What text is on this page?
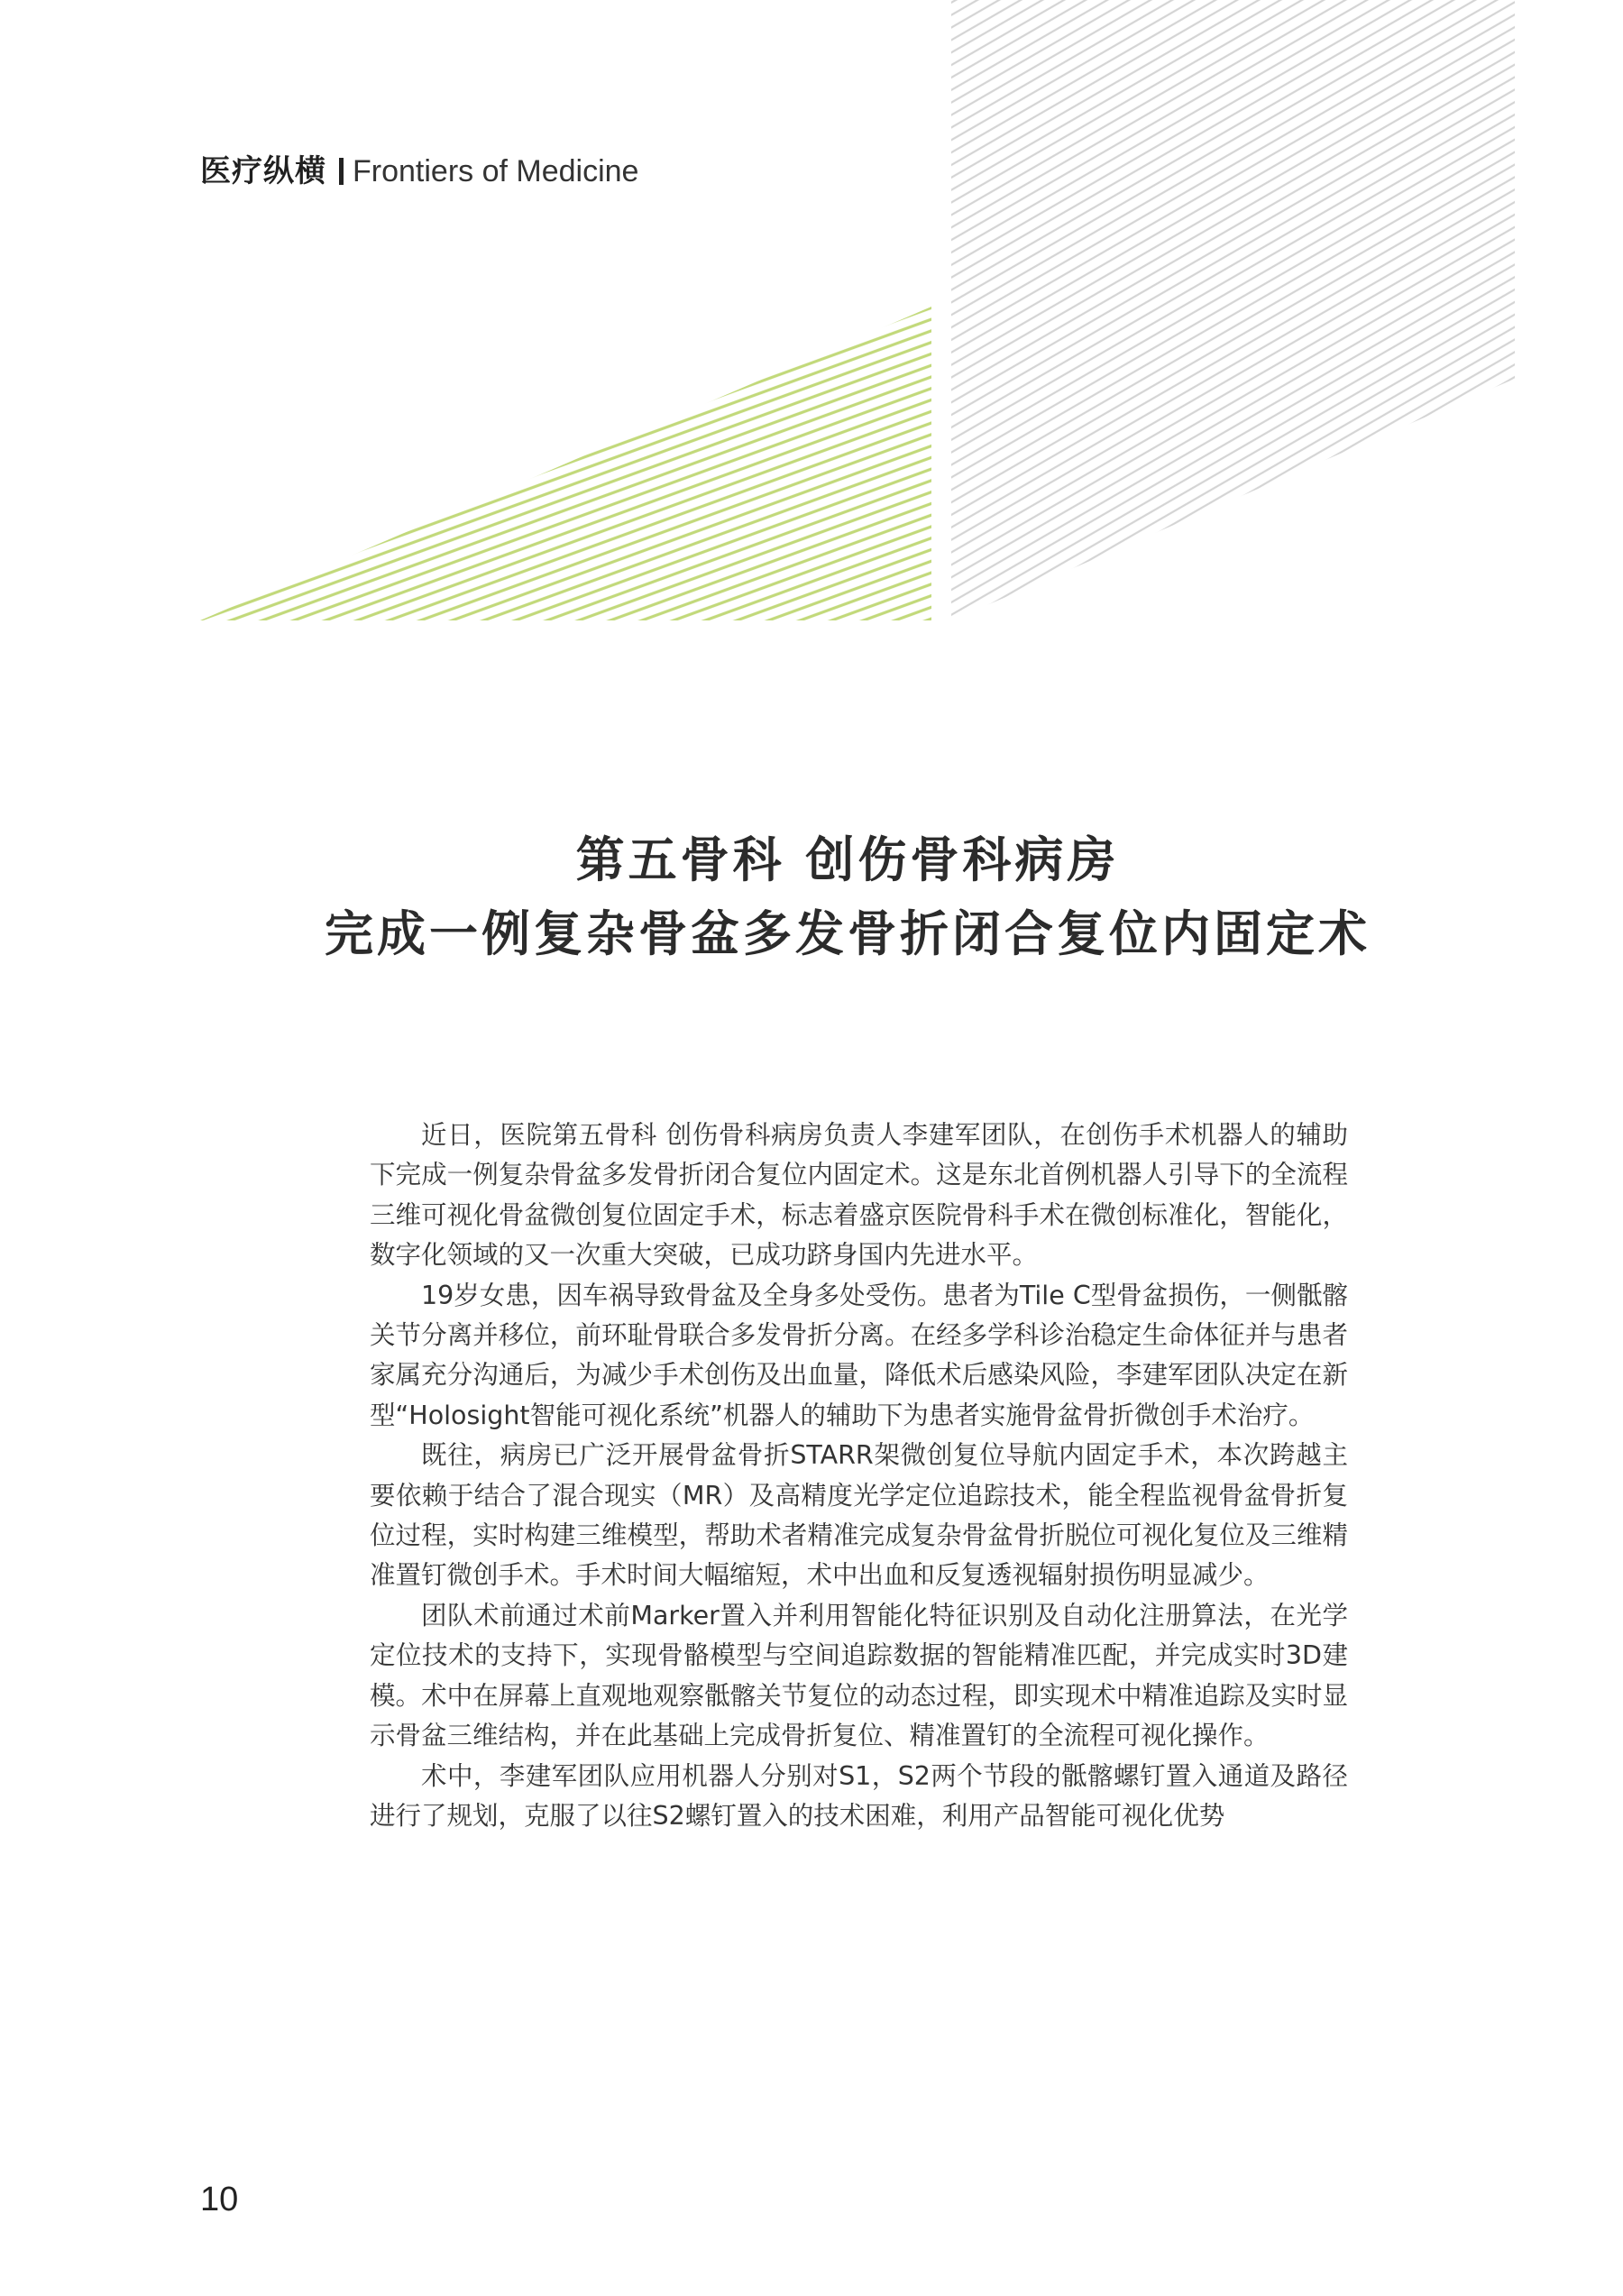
医疗纵横 Frontiers of Medicine
第五骨科 创伤骨科病房
完成一例复杂骨盆多发骨折闭合复位内固定术

近日，医院第五骨科 创伤骨科病房负责人李建军团队，在创伤手术机器人的辅助下完成一例复杂骨盆多发骨折闭合复位内固定术。这是东北首例机器人引导下的全流程三维可视化骨盆微创复位固定手术，标志着盛京医院骨科手术在微创标准化，智能化，数字化领域的又一次重大突破，已成功跻身国内先进水平。

19岁女患，因车祸导致骨盆及全身多处受伤。患者为Tile C型骨盆损伤，一侧骶髂关节分离并移位，前环耻骨联合多发骨折分离。在经多学科诊治稳定生命体征并与患者家属充分沟通后，为减少手术创伤及出血量，降低术后感染风险，李建军团队决定在新型“Holosight智能可视化系统”机器人的辅助下为患者实施骨盆骨折微创手术治疗。

既往，病房已广泛开展骨盆骨折STARR架微创复位导航内固定手术，本次跨越主要依赖于结合了混合现实（MR）及高精度光学定位追踪技术，能全程监视骨盆骨折复位过程，实时构建三维模型，帮助术者精准完成复杂骨盆骨折脱位可视化复位及三维精准置钉微创手术。手术时间大幅缩短，术中出血和反复透视辐射损伤明显减少。

团队术前通过术前Marker置入并利用智能化特征识别及自动化注册算法，在光学定位技术的支持下，实现骨骼模型与空间追踪数据的智能精准匹配，并完成实时3D建模。术中在屏幕上直观地观察骶髂关节复位的动态过程，即实现术中精准追踪及实时显示骨盆三维结构，并在此基础上完成骨折复位、精准置钉的全流程可视化操作。

术中，李建军团队应用机器人分别对S1，S2两个节段的骶髂螺钉置入通道及路径进行了规划，克服了以往S2螺钉置入的技术困难，利用产品智能可视化优势

10
